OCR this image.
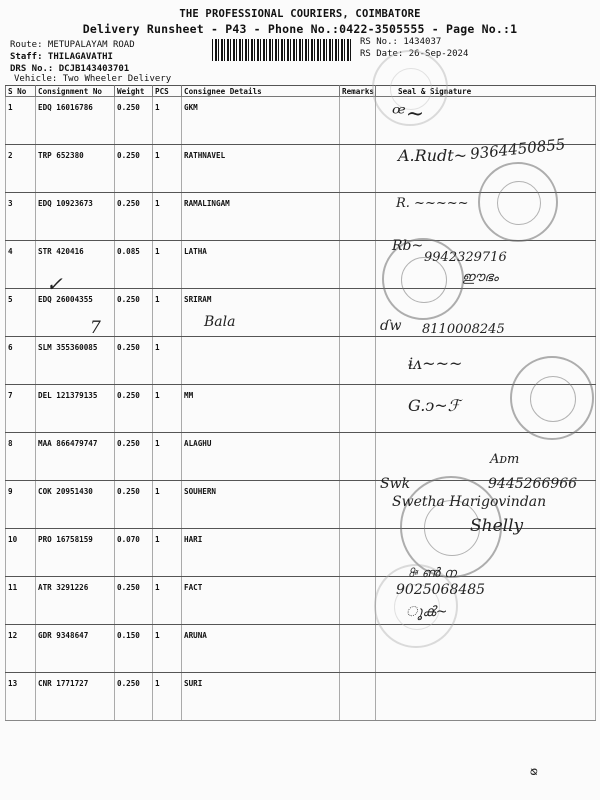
THE PROFESSIONAL COURIERS, COIMBATORE
Delivery Runsheet - P43 - Phone No.:0422-3505555 - Page No.:1
Route: METUPALAYAM ROAD
Staff: THILAGAVATHI
DRS No.: DCJB143403701
Vehicle: Two Wheeler Delivery
RS No.: 1434037
RS Date: 26-Sep-2024
S No	Consignment No	Weight	PCS	Consignee Details	Remarks	Seal & Signature
1	EDQ 16016786	0.250	1	GKM		
2	TRP 652380	0.250	1	RATHNAVEL		
3	EDQ 10923673	0.250	1	RAMALINGAM		
4	STR 420416	0.085	1	LATHA		
5	EDQ 26004355	0.250	1	SRIRAM		
6	SLM 355360085	0.250	1			
7	DEL 121379135	0.250	1	MM		
8	MAA 866479747	0.250	1	ALAGHU		
9	COK 20951430	0.250	1	SOUHERN		
10	PRO 16758159	0.070	1	HARI		
11	ATR 3291226	0.250	1	FACT		
12	GDR 9348647	0.150	1	ARUNA		
13	CNR 1771727	0.250	1	SURI		
ꟹ~
A.Rudt~ 9364450855
R. ~~~~~
Rb~
9942329716
ഈഭം
✓
Bala
7	ɗw 8110008245
ɨᴧ~~~
G.ↄ~ℱ
Aᴅm
Swk	9445266966
Swetha Harigovindan
Shelly
ꔭ ൺ ന
9025068485
ൂൿ~
ᴓ
